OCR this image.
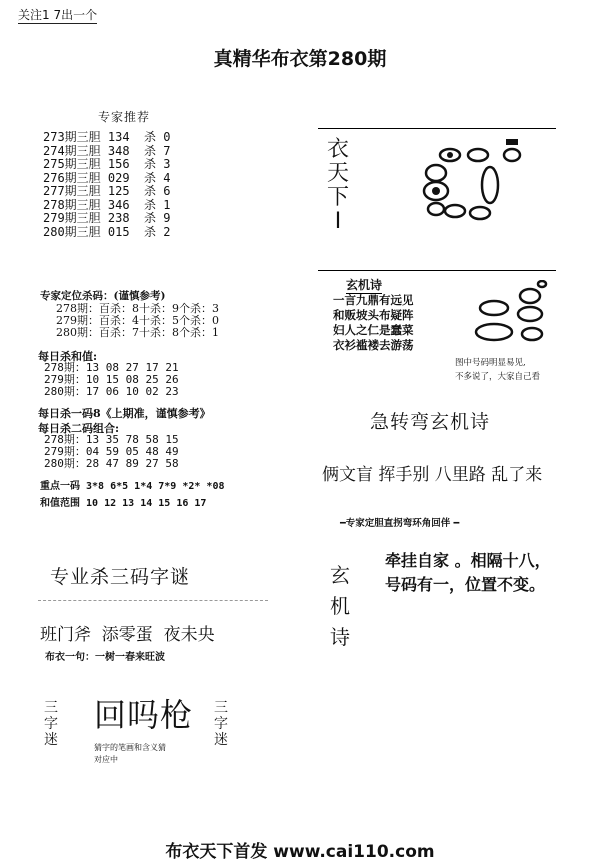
关注1 7出一个
真精华布衣第280期
专家推荐
273期三胆 134  杀 0
274期三胆 348  杀 7
275期三胆 156  杀 3
276期三胆 029  杀 4
277期三胆 125  杀 6
278期三胆 346  杀 1
279期三胆 238  杀 9
280期三胆 015  杀 2
专家定位杀码：(谨慎参考)
278期：百杀：8十杀：9个杀：3
279期：百杀：4十杀：5个杀：0
280期：百杀：7十杀：8个杀：1
每日杀和值:
278期：13 08 27 17 21
279期：10 15 08 25 26
280期：17 06 10 02 23
每日杀一码8《上期准，谨慎参考》
每日杀二码组合:
278期：13 35 78 58 15
279期：04 59 05 48 49
280期：28 47 89 27 58
重点一码 3*8 6*5 1*4 7*9 *2* *08
和值范围 10 12 13 14 15 16 17
专业杀三码字谜
班门斧  添零蛋  夜未央
布衣一句：一树一春来旺波
三字迷
回吗枪 三字迷
猜字的笔画和含义猜
对应中
衣
天
下
I
玄机诗
一言九鼎有远见
和贩坡头布疑阵
妇人之仁是蠢菜
衣衫褴褛去游荡
图中号码明显易见,
不多说了，大家自己看
急转弯玄机诗
俩文盲 挥手别 八里路 乱了来
━专家定胆直拐弯环角回伴 ━
玄
机
诗
牵挂自家 。相隔十八，
号码有一，位置不变。
布衣天下首发 www.cai110.com
